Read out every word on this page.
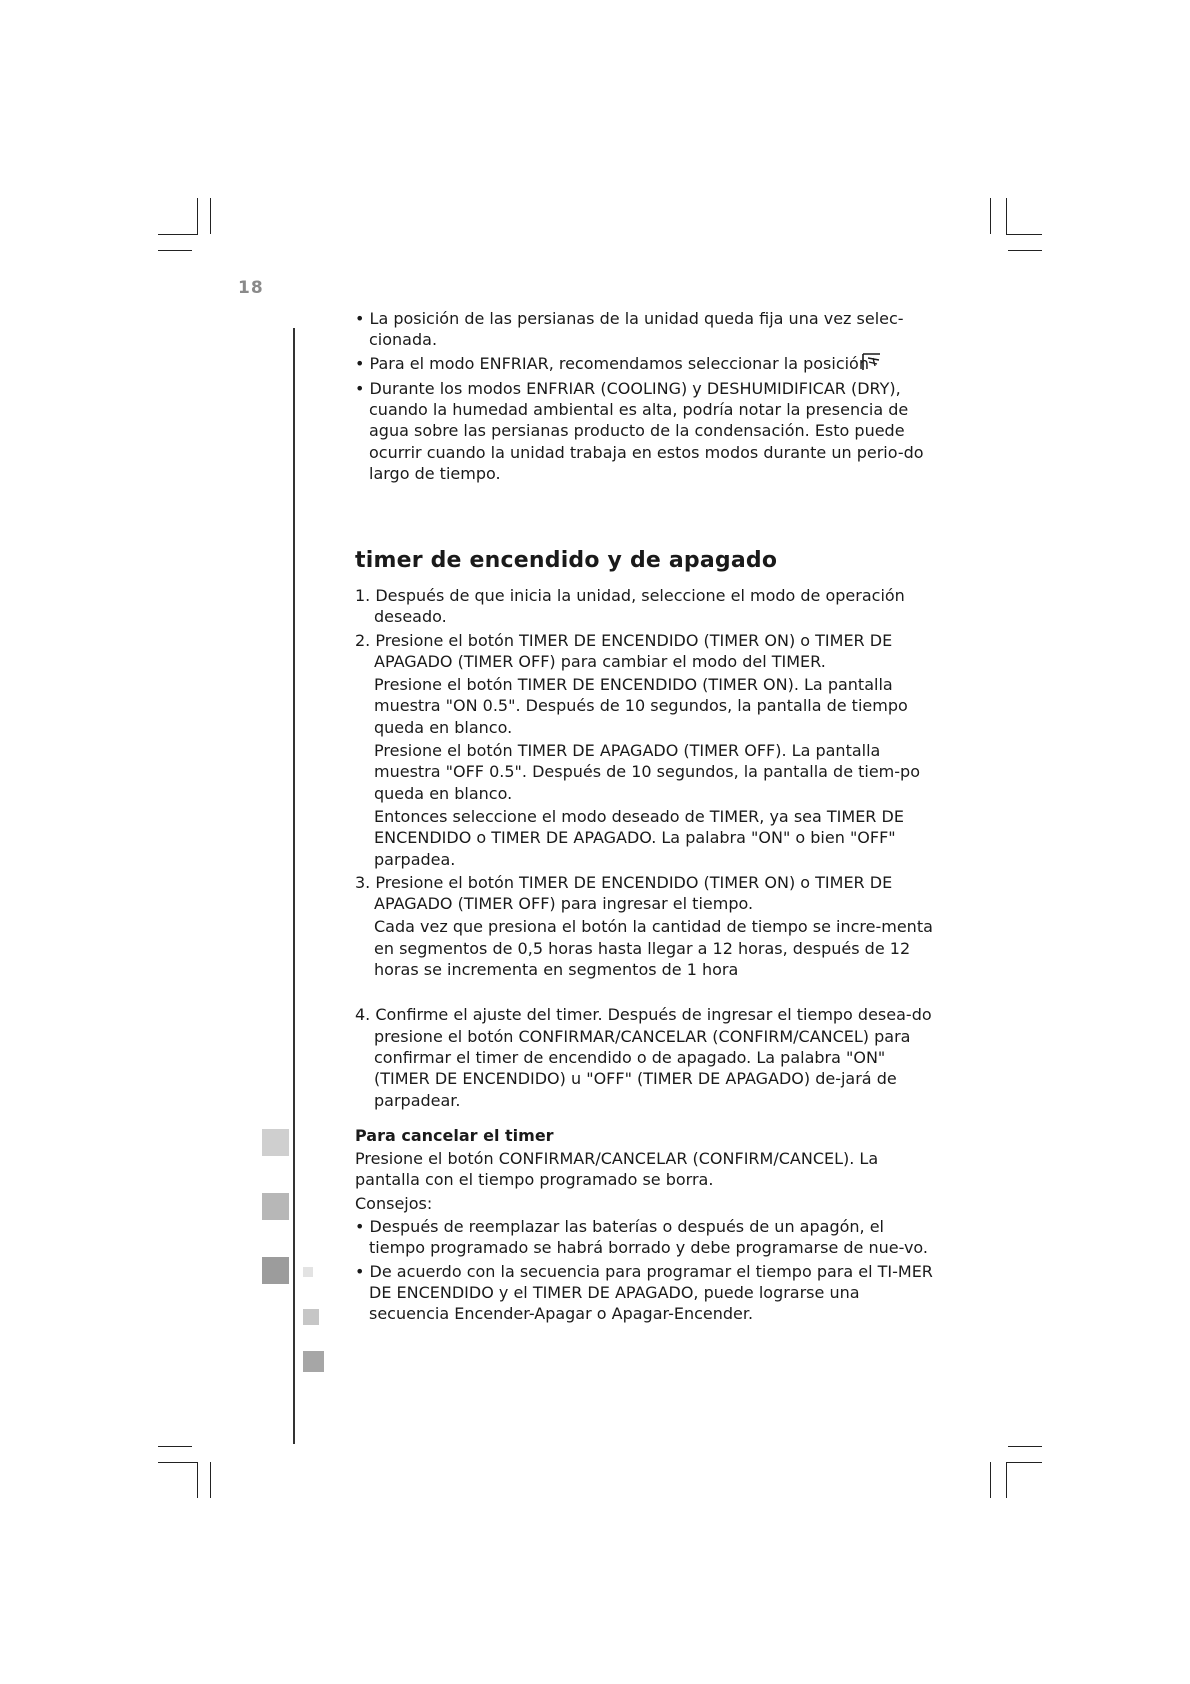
18

• La posición de las persianas de la unidad queda fija una vez selec-cionada.

• Para el modo ENFRIAR, recomendamos seleccionar la posición

• Durante los modos ENFRIAR (COOLING) y DESHUMIDIFICAR (DRY), cuando la humedad ambiental es alta, podría notar la presencia de agua sobre las persianas producto de la condensación. Esto puede ocurrir cuando la unidad trabaja en estos modos durante un perio-do largo de tiempo.

timer de encendido y de apagado

1. Después de que inicia la unidad, seleccione el modo de operación deseado.

2. Presione el botón TIMER DE ENCENDIDO (TIMER ON) o TIMER DE APAGADO (TIMER OFF) para cambiar el modo del TIMER.

Presione el botón TIMER DE ENCENDIDO (TIMER ON). La pantalla muestra "ON 0.5". Después de 10 segundos, la pantalla de tiempo queda en blanco.

Presione el botón TIMER DE APAGADO (TIMER OFF). La pantalla muestra "OFF 0.5". Después de 10 segundos, la pantalla de tiem-po queda en blanco.

Entonces seleccione el modo deseado de TIMER, ya sea TIMER DE ENCENDIDO o TIMER DE APAGADO. La palabra "ON" o bien "OFF" parpadea.

3. Presione el botón TIMER DE ENCENDIDO (TIMER ON) o TIMER DE APAGADO (TIMER OFF) para ingresar el tiempo.

Cada vez que presiona el botón la cantidad de tiempo se incre-menta en segmentos de 0,5 horas hasta llegar a 12 horas, después de 12 horas se incrementa en segmentos de 1 hora

4. Confirme el ajuste del timer. Después de ingresar el tiempo desea-do presione el botón CONFIRMAR/CANCELAR (CONFIRM/CANCEL) para confirmar el timer de encendido o de apagado. La palabra "ON" (TIMER DE ENCENDIDO) u "OFF" (TIMER DE APAGADO) de-jará de parpadear.

Para cancelar el timer

Presione el botón CONFIRMAR/CANCELAR (CONFIRM/CANCEL). La pantalla con el tiempo programado se borra.

Consejos:

• Después de reemplazar las baterías o después de un apagón, el tiempo programado se habrá borrado y debe programarse de nue-vo.

• De acuerdo con la secuencia para programar el tiempo para el TI-MER DE ENCENDIDO y el TIMER DE APAGADO, puede lograrse una secuencia Encender-Apagar o Apagar-Encender.
